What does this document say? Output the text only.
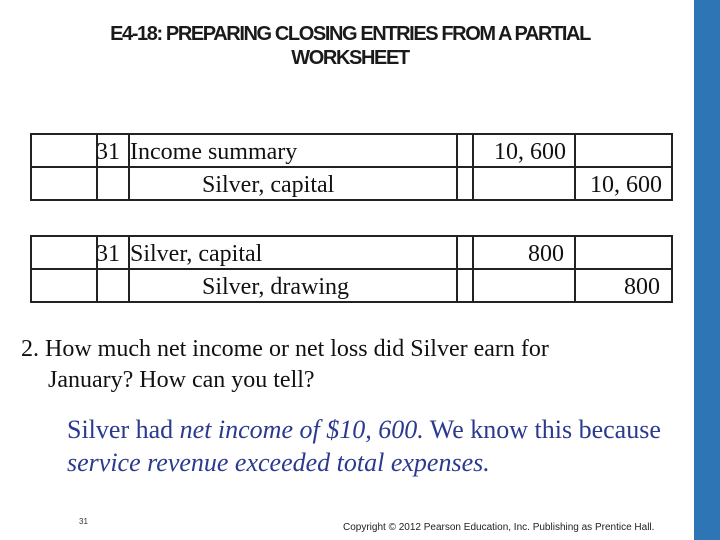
E4-18: PREPARING CLOSING ENTRIES FROM A PARTIAL
WORKSHEET
31 Income summary
Silver, capital
10, 600
10, 600
31 Silver, capital
Silver, drawing
800
800
2. How much net income or net loss did Silver earn for
January? How can you tell?
Silver had net income of $10, 600. We know this because service revenue exceeded total expenses.
31
Copyright © 2012 Pearson Education, Inc. Publishing as Prentice Hall.
